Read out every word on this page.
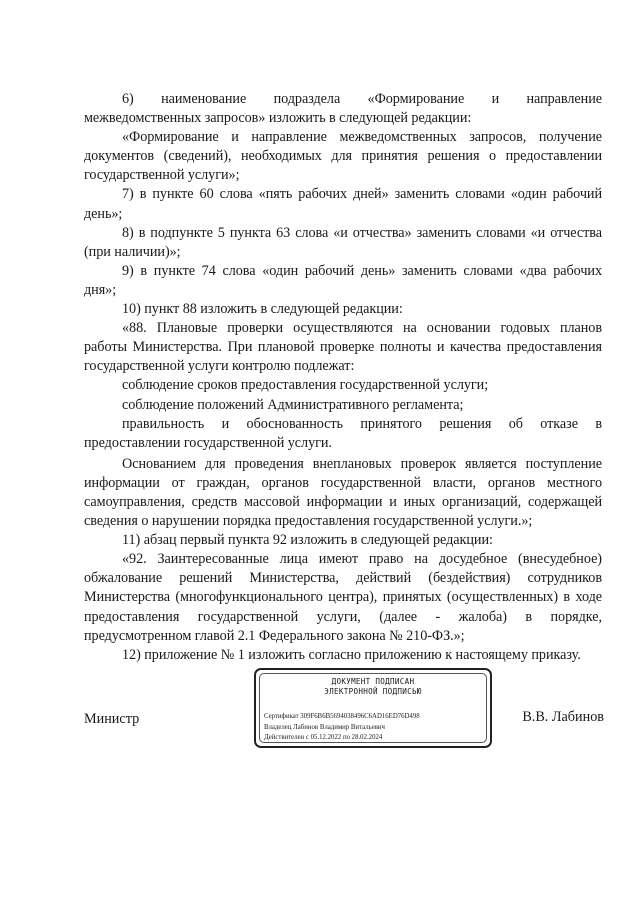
6)    наименование    подраздела    «Формирование    и    направление межведомственных запросов» изложить в следующей редакции:

«Формирование и направление межведомственных запросов, получение документов (сведений), необходимых для принятия решения о предоставлении государственной услуги»;

7) в пункте 60 слова «пять рабочих дней» заменить словами «один рабочий день»;

8) в подпункте 5 пункта 63 слова «и отчества» заменить словами «и отчества (при наличии)»;

9) в пункте 74 слова «один рабочий день» заменить словами «два рабочих дня»;

10) пункт 88 изложить в следующей редакции:

«88. Плановые проверки осуществляются на основании годовых планов работы Министерства. При плановой проверке полноты и качества предоставления государственной услуги контролю подлежат:

соблюдение сроков предоставления государственной услуги;

соблюдение положений Административного регламента;

правильность и обоснованность принятого решения об отказе в предоставлении государственной услуги.

Основанием для проведения внеплановых проверок является поступление информации от граждан, органов государственной власти, органов местного самоуправления, средств массовой информации и иных организаций, содержащей сведения о нарушении порядка предоставления государственной услуги.»;

11) абзац первый пункта 92 изложить в следующей редакции:

«92. Заинтересованные лица имеют право на досудебное (внесудебное) обжалование решений Министерства, действий (бездействия) сотрудников Министерства (многофункционального центра), принятых (осуществленных) в ходе предоставления государственной услуги, (далее - жалоба) в порядке, предусмотренном главой 2.1 Федерального закона № 210-ФЗ.»;

12) приложение № 1 изложить согласно приложению к настоящему приказу.

Министр
ДОКУМЕНТ ПОДПИСАН
ЭЛЕКТРОННОЙ ПОДПИСЬЮ
Сертификат 309F6B6B5694038496C6AD16ED76D498
Владелец Лабинов Владимир Витальевич
Действителен с 05.12.2022 по 28.02.2024
В.В. Лабинов
